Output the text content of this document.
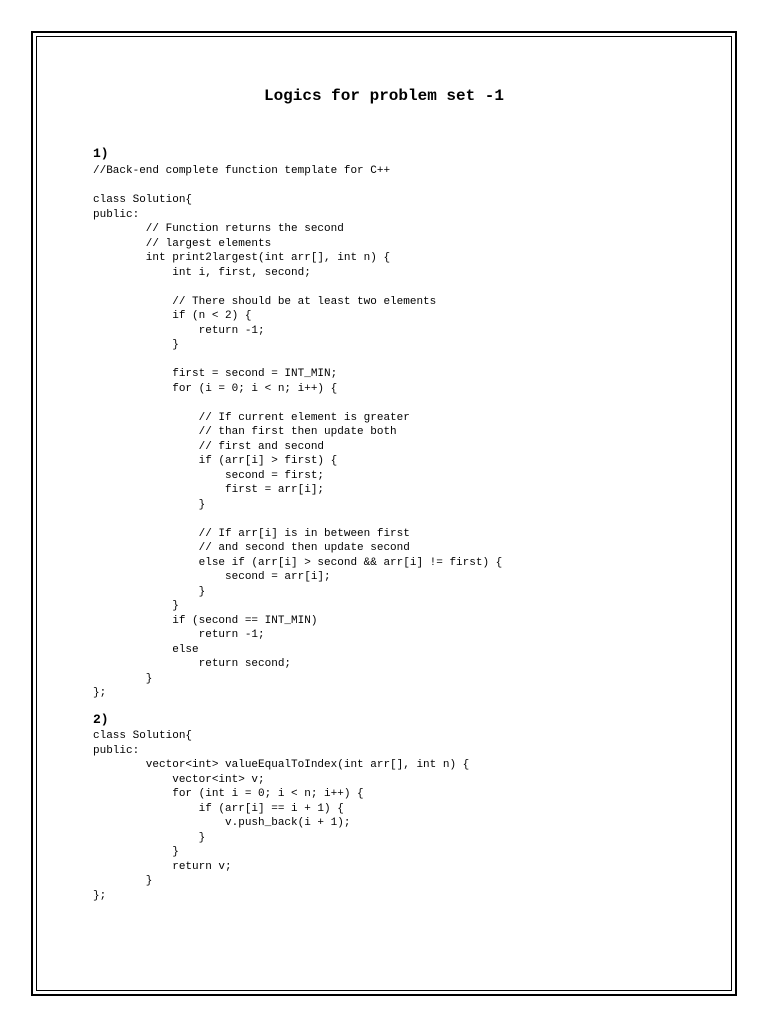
Logics for problem set -1
1)
//Back-end complete function template for C++
class Solution{
public:
// Function returns the second
// largest elements
int print2largest(int arr[], int n) {
int i, first, second;
// There should be at least two elements
if (n < 2) {
return -1;
}
first = second = INT_MIN;
for (i = 0; i < n; i++) {
// If current element is greater
// than first then update both
// first and second
if (arr[i] > first) {
second = first;
first = arr[i];
}
// If arr[i] is in between first
// and second then update second
else if (arr[i] > second && arr[i] != first) {
second = arr[i];
}
}
if (second == INT_MIN)
return -1;
else
return second;
}
};
2)
class Solution{
public:
vector<int> valueEqualToIndex(int arr[], int n) {
vector<int> v;
for (int i = 0; i < n; i++) {
if (arr[i] == i + 1) {
v.push_back(i + 1);
}
}
return v;
}
};
